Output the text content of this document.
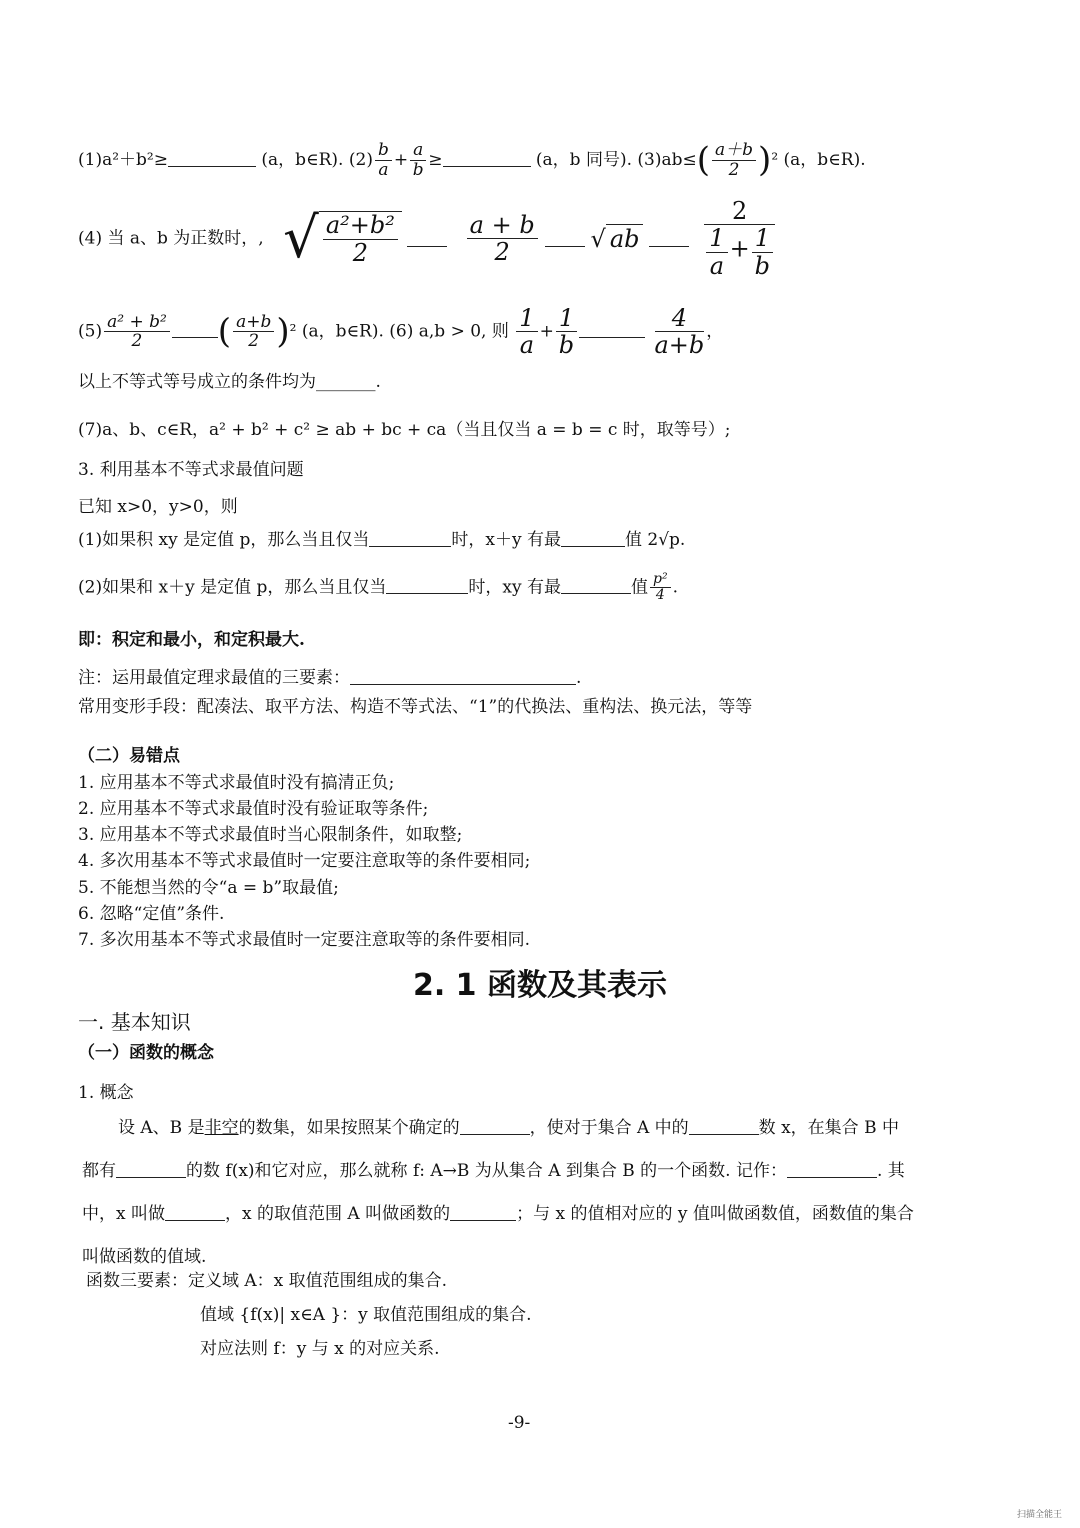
(1)a²＋b²≥	(a，b∈R). $(2) \frac{b}{a} + \frac{a}{b}$ ≥	(a，b 同号). $(3)ab\le( \frac{a+b}{2} )^2$ (a，b∈R).
(4) 当 a、b 为正数时，, √ $\frac{\text{a²+b²}}{2}$
	$\frac{a + b}{2}$ √ ab	$\frac{2}{\frac{1}{a} + \frac{1}{b}}$
$(5) \frac{\text{a² + b²}}{2}$ ( $\frac{a+b}{2} )^2$ (a，b∈R). (6) a,b > 0, 则 $\frac{1}{a} + \frac{1}{b}$
	$\frac{4}{a+b}$ ，
以上不等式等号成立的条件均为_______.
(7)a、b、c∈R，a² + b² + c² ≥ ab + bc + ca（当且仅当 a = b = c 时，取等号）;
3. 利用基本不等式求最值问题
已知 x>0，y>0，则
(1)如果积 xy 是定值 p，那么当且仅当	时，x＋y 有最	值 2√p.
(2)如果和 x＋y 是定值 p，那么当且仅当	时，xy 有最	值 $\frac{\text{p²}}{4}$ .
即：积定和最小，和定积最大.
注：运用最值定理求最值的三要素：	.
常用变形手段：配凑法、取平方法、构造不等式法、“1”的代换法、重构法、换元法，等等
（二）易错点
1. 应用基本不等式求最值时没有搞清正负;
2. 应用基本不等式求最值时没有验证取等条件;
3. 应用基本不等式求最值时当心限制条件，如取整;
4. 多次用基本不等式求最值时一定要注意取等的条件要相同;
5. 不能想当然的令“a = b”取最值;
6. 忽略“定值”条件.
7. 多次用基本不等式求最值时一定要注意取等的条件要相同.
2. 1 函数及其表示
一. 基本知识
（一）函数的概念
1. 概念
设 A、B 是非空的数集，如果按照某个确定的	，使对于集合 A 中的	数 x，在集合 B 中
都有	的数 f(x)和它对应，那么就称 f: A→B 为从集合 A 到集合 B 的一个函数. 记作：	. 其
中，x 叫做	，x 的取值范围 A 叫做函数的	；与 x 的值相对应的 y 值叫做函数值，函数值的集合
叫做函数的值域.
函数三要素：定义域 A：x 取值范围组成的集合.
值域 {f(x)| x∈A }：y 取值范围组成的集合.
对应法则 f：y 与 x 的对应关系.
-9-
扫描全能王
